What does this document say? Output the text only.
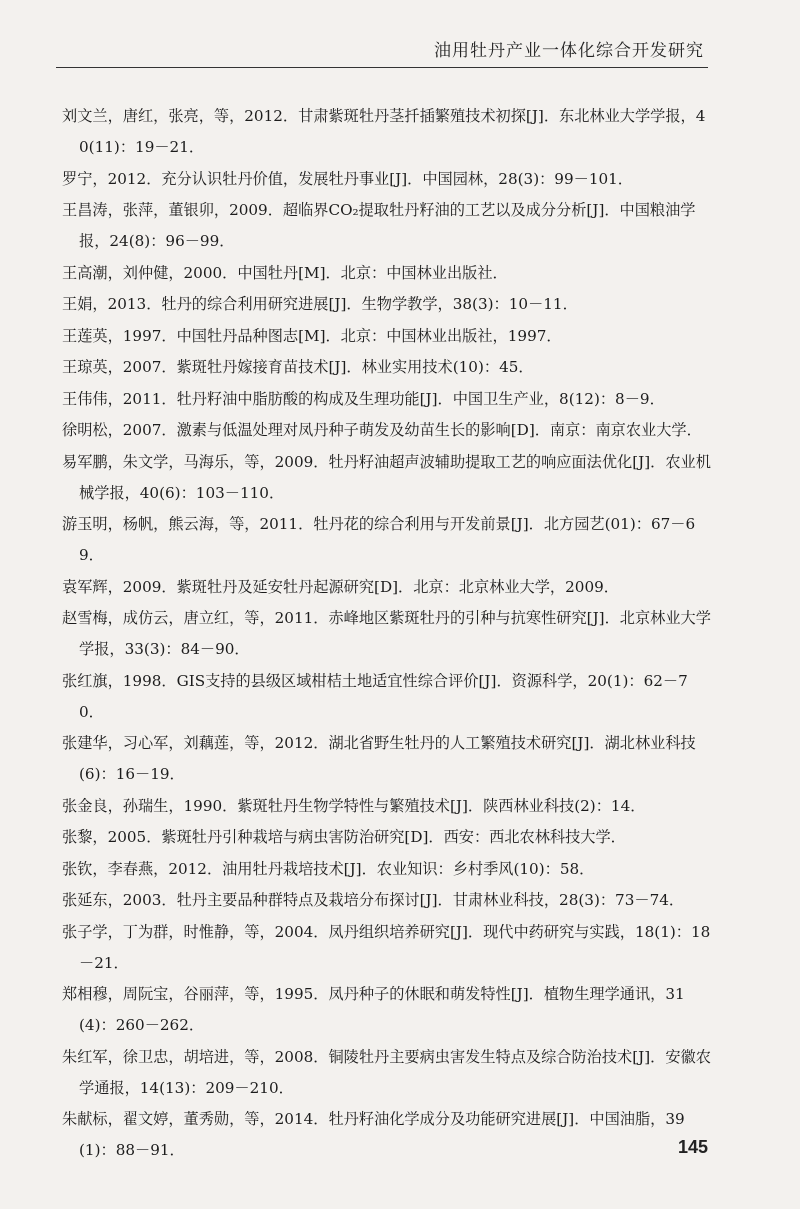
油用牡丹产业一体化综合开发研究
刘文兰，唐红，张亮，等，2012．甘肃紫斑牡丹茎扦插繁殖技术初探[J]．东北林业大学学报，40(11)：19－21．
罗宁，2012．充分认识牡丹价值，发展牡丹事业[J]．中国园林，28(3)：99－101．
王昌涛，张萍，董银卯，2009．超临界CO₂提取牡丹籽油的工艺以及成分分析[J]．中国粮油学报，24(8)：96－99．
王高潮，刘仲健，2000．中国牡丹[M]．北京：中国林业出版社．
王娟，2013．牡丹的综合利用研究进展[J]．生物学教学，38(3)：10－11．
王莲英，1997．中国牡丹品种图志[M]．北京：中国林业出版社，1997．
王琼英，2007．紫斑牡丹嫁接育苗技术[J]．林业实用技术(10)：45．
王伟伟，2011．牡丹籽油中脂肪酸的构成及生理功能[J]．中国卫生产业，8(12)：8－9．
徐明松，2007．激素与低温处理对凤丹种子萌发及幼苗生长的影响[D]．南京：南京农业大学．
易军鹏，朱文学，马海乐，等，2009．牡丹籽油超声波辅助提取工艺的响应面法优化[J]．农业机械学报，40(6)：103－110．
游玉明，杨帆，熊云海，等，2011．牡丹花的综合利用与开发前景[J]．北方园艺(01)：67－69．
袁军辉，2009．紫斑牡丹及延安牡丹起源研究[D]．北京：北京林业大学，2009．
赵雪梅，成仿云，唐立红，等，2011．赤峰地区紫斑牡丹的引种与抗寒性研究[J]．北京林业大学学报，33(3)：84－90．
张红旗，1998．GIS支持的县级区域柑桔土地适宜性综合评价[J]．资源科学，20(1)：62－70．
张建华，习心军，刘藕莲，等，2012．湖北省野生牡丹的人工繁殖技术研究[J]．湖北林业科技(6)：16－19．
张金良，孙瑞生，1990．紫斑牡丹生物学特性与繁殖技术[J]．陕西林业科技(2)：14．
张黎，2005．紫斑牡丹引种栽培与病虫害防治研究[D]．西安：西北农林科技大学．
张钦，李春燕，2012．油用牡丹栽培技术[J]．农业知识：乡村季风(10)：58．
张延东，2003．牡丹主要品种群特点及栽培分布探讨[J]．甘肃林业科技，28(3)：73－74．
张子学，丁为群，时惟静，等，2004．凤丹组织培养研究[J]．现代中药研究与实践，18(1)：18－21．
郑相穆，周阮宝，谷丽萍，等，1995．凤丹种子的休眠和萌发特性[J]．植物生理学通讯，31(4)：260－262．
朱红军，徐卫忠，胡培进，等，2008．铜陵牡丹主要病虫害发生特点及综合防治技术[J]．安徽农学通报，14(13)：209－210．
朱献标，翟文婷，董秀勋，等，2014．牡丹籽油化学成分及功能研究进展[J]．中国油脂，39(1)：88－91．	145
